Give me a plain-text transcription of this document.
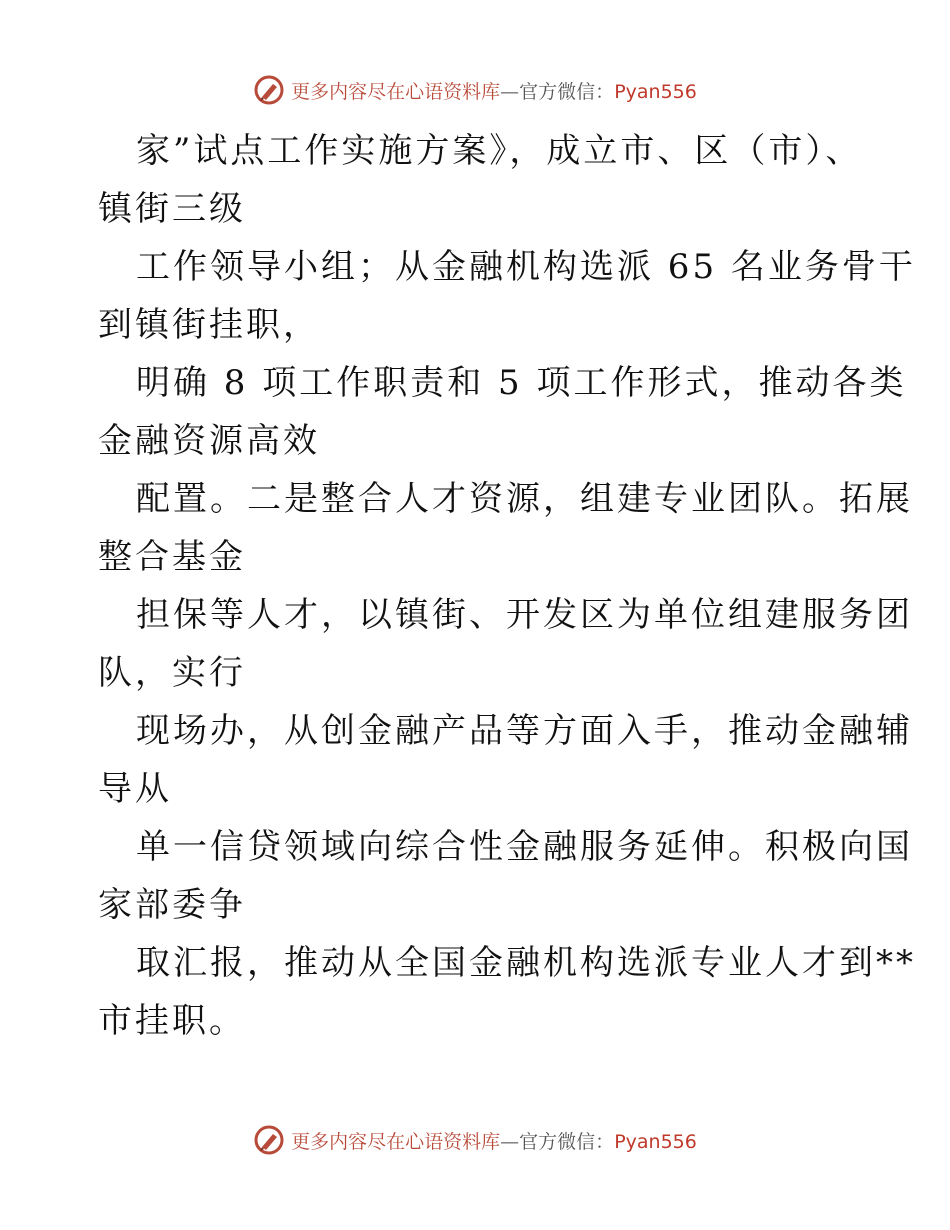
更多内容尽在心语资料库—官方微信：Pyan556
家”试点工作实施方案》，成立市、区（市）、
镇街三级
工作领导小组；从金融机构选派 65 名业务骨干
到镇街挂职，
明确 8 项工作职责和 5 项工作形式，推动各类
金融资源高效
配置。二是整合人才资源，组建专业团队。拓展
整合基金
担保等人才，以镇街、开发区为单位组建服务团
队，实行
现场办，从创金融产品等方面入手，推动金融辅
导从
单一信贷领域向综合性金融服务延伸。积极向国
家部委争
取汇报，推动从全国金融机构选派专业人才到**
市挂职。
更多内容尽在心语资料库—官方微信：Pyan556
